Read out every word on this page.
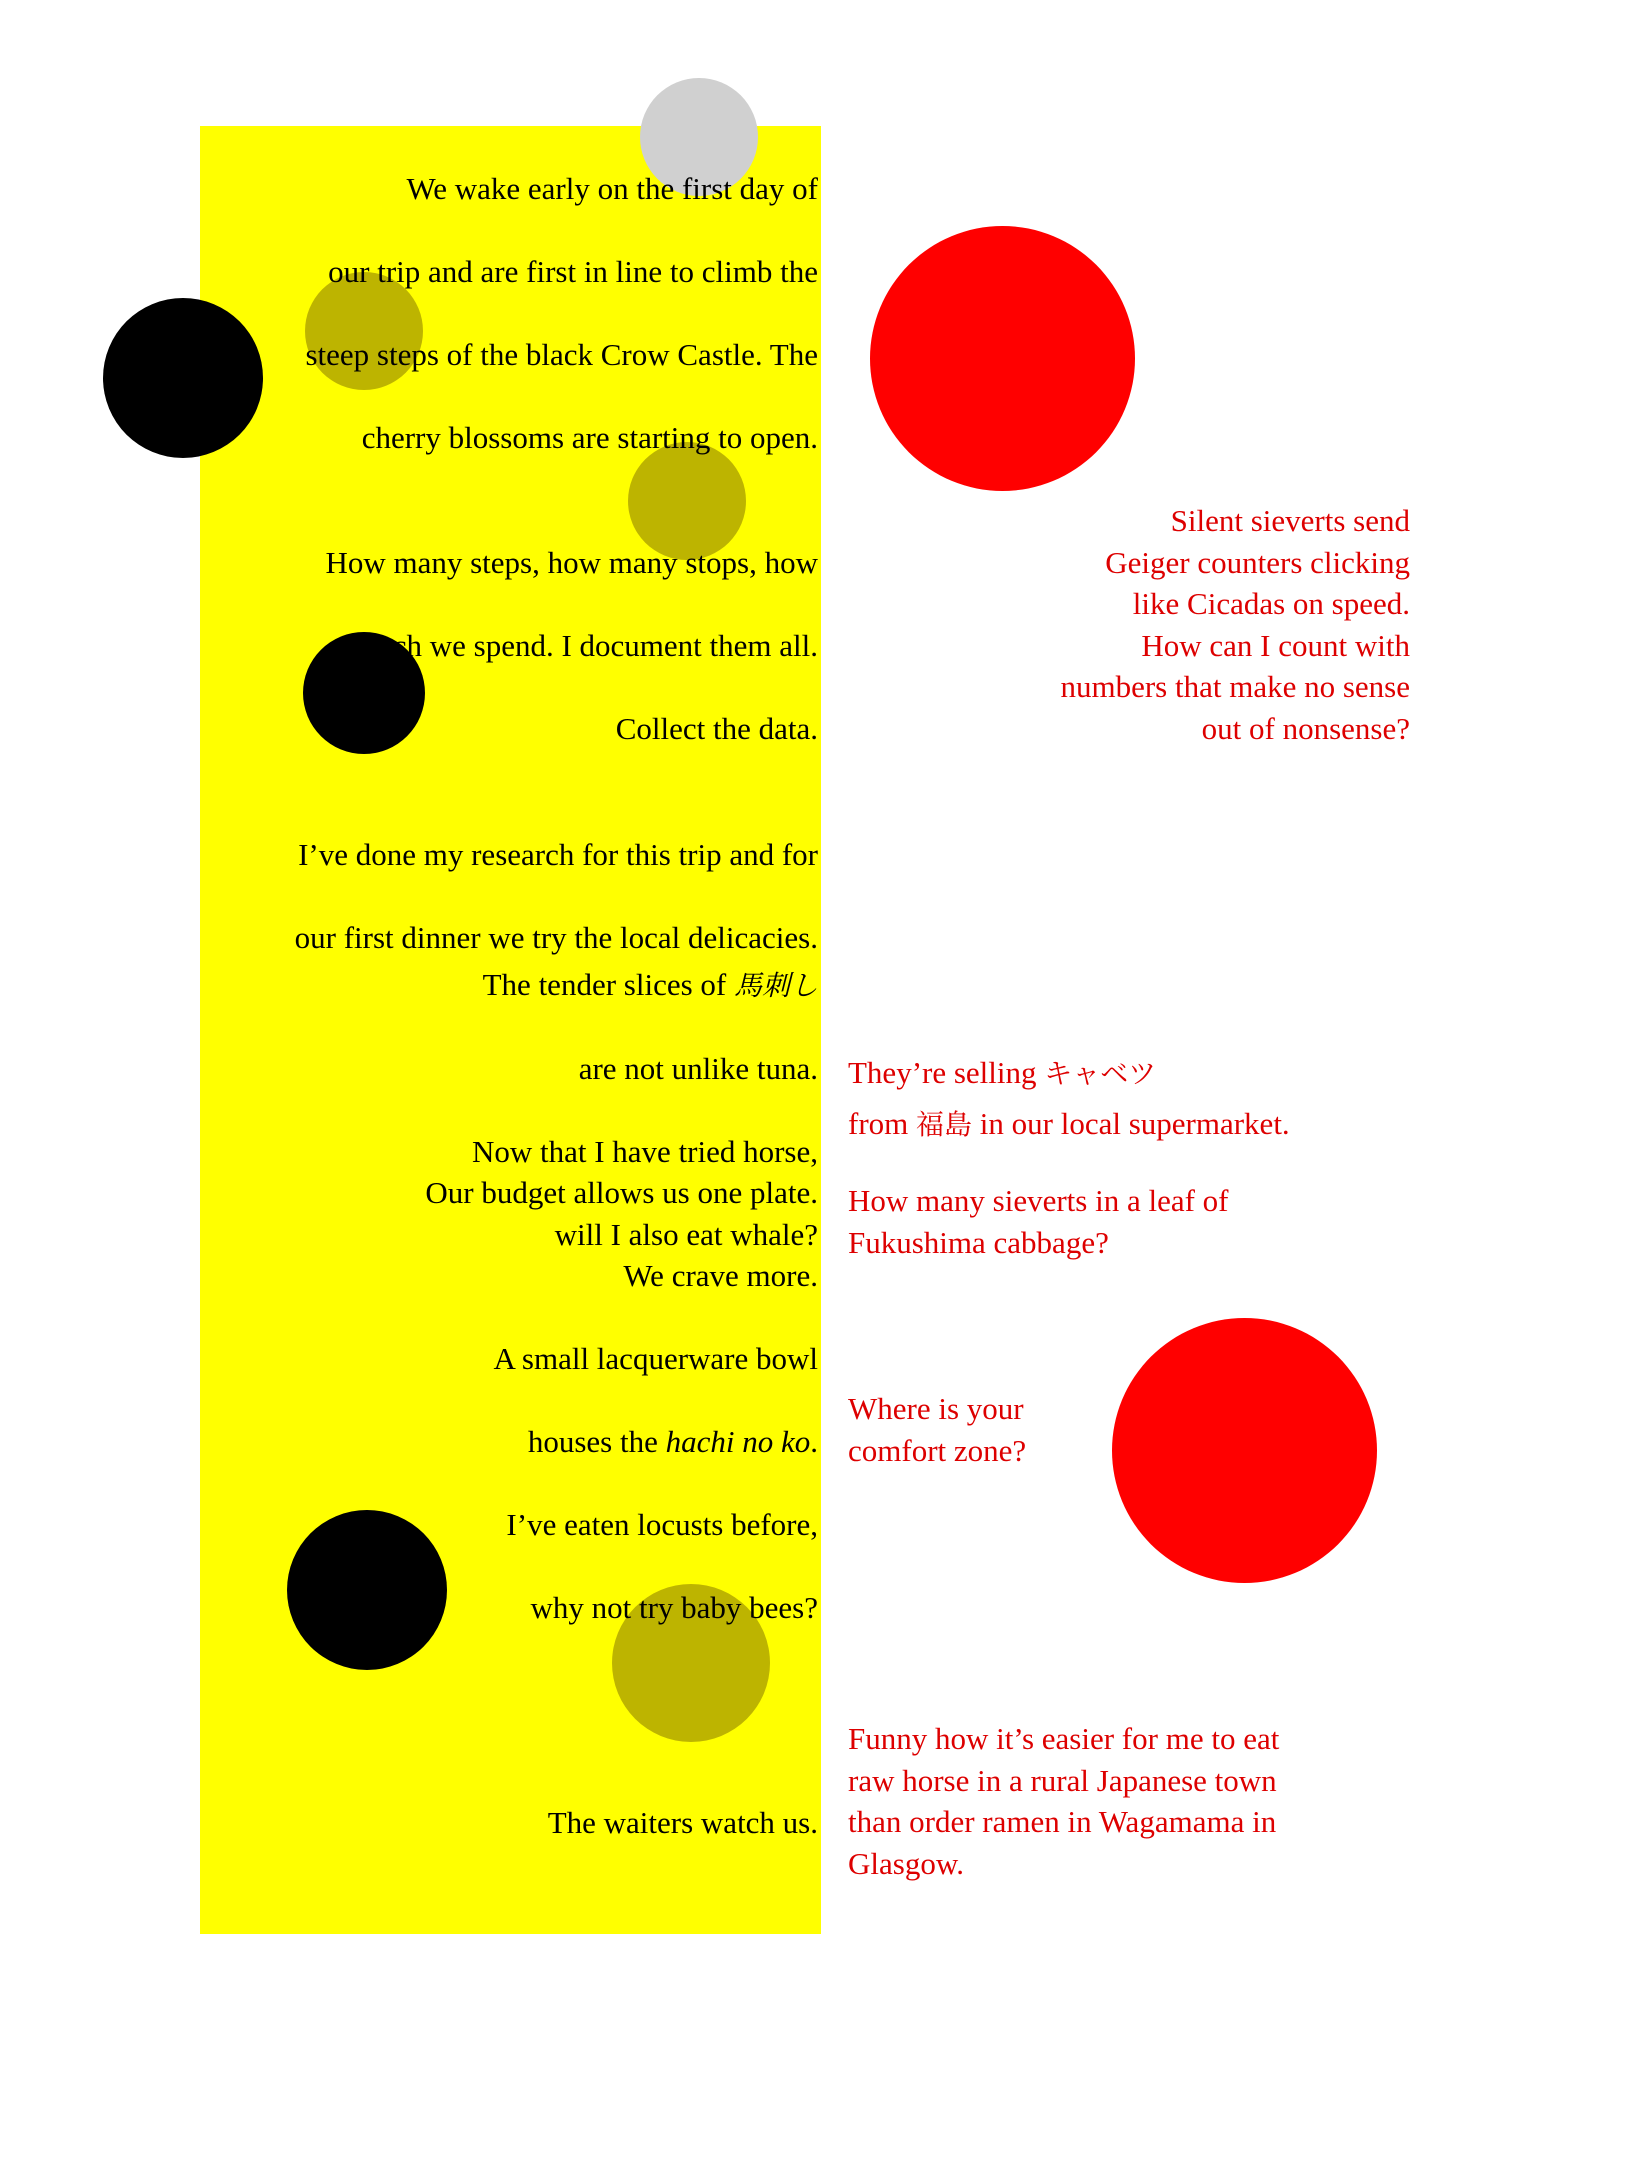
We wake early on the first day of

our trip and are first in line to climb the

steep steps of the black Crow Castle. The

cherry blossoms are starting to open.

How many steps, how many stops, how

much we spend. I document them all.

Collect the data.

I’ve done my research for this trip and for

our first dinner we try the local delicacies.

The tender slices of 馬刺し

are not unlike tuna.

Now that I have tried horse,

will I also eat whale?

Our budget allows us one plate.

We crave more.

A small lacquerware bowl

houses the hachi no ko.

I’ve eaten locusts before,

why not try baby bees?

The waiters watch us.

Silent sieverts send
Geiger counters clicking
like Cicadas on speed.
How can I count with
numbers that make no sense
out of nonsense?
They’re selling キャベツ
from 福島 in our local supermarket.
How many sieverts in a leaf of
Fukushima cabbage?
Where is your
comfort zone?
Funny how it’s easier for me to eat
raw horse in a rural Japanese town
than order ramen in Wagamama in
Glasgow.
